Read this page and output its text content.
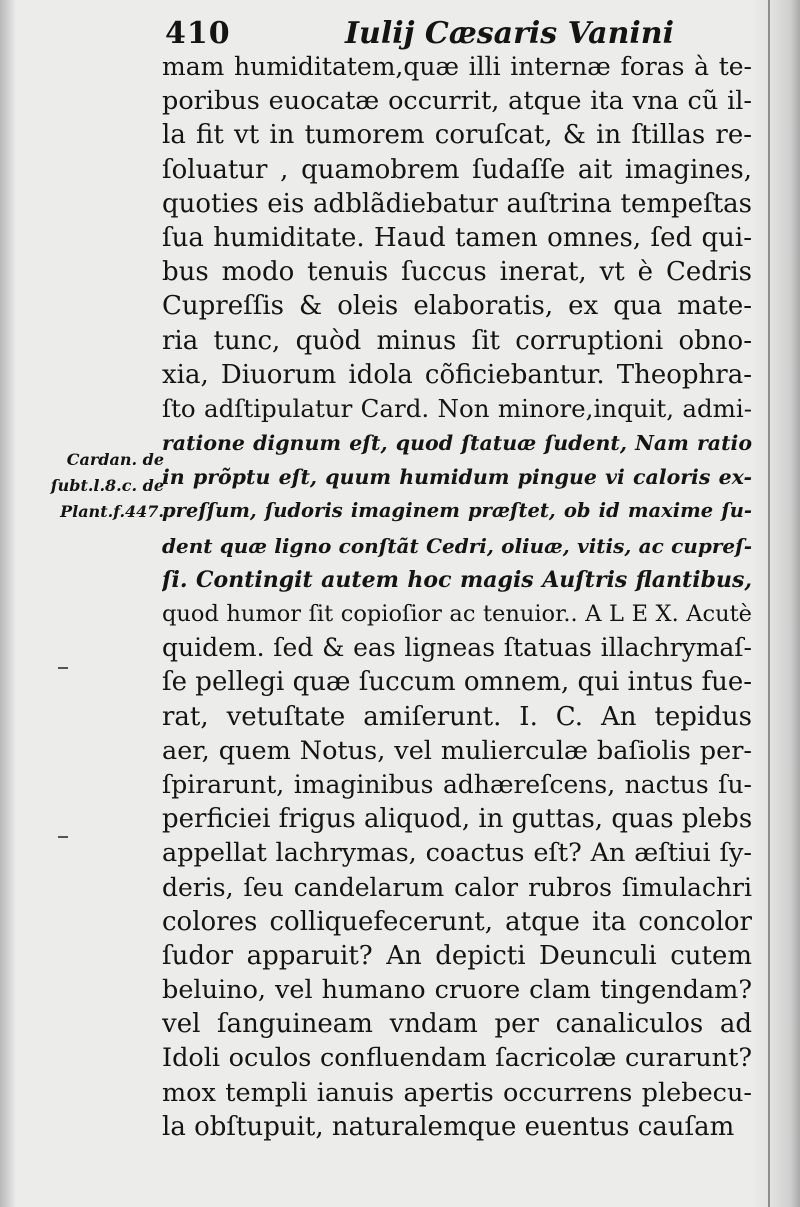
410	Iulij Cæsaris Vanini
Cardan. de
ſubt.l.8.c. de
Plant.f.447.
mam humiditatem,quæ illi internæ foras à te-
poribus euocatæ occurrit, atque ita vna cũ il-
la fit vt in tumorem coruſcat, & in ſtillas re-
ſoluatur , quamobrem ſudaſſe ait imagines,
quoties eis adblãdiebatur auſtrina tempeſtas
ſua humiditate. Haud tamen omnes, ſed qui-
bus modo tenuis ſuccus inerat, vt è Cedris
Cupreſſis & oleis elaboratis, ex qua mate-
ria tunc, quòd minus ſit corruptioni obno-
xia, Diuorum idola cõficiebantur. Theophra-
ſto adſtipulatur Card. Non minore,inquit, admi-
ratione dignum eſt, quod ſtatuæ ſudent, Nam ratio
in prõptu eſt, quum humidum pingue vi caloris ex-
preſſum, ſudoris imaginem præſtet, ob id maxime ſu-
dent quæ ligno conſtãt Cedri, oliuæ, vitis, ac cupreſ-
ſi. Contingit autem hoc magis Auſtris flantibus,
quod humor ſit copioſior ac tenuior.. A L E X. Acutè
quidem. ſed & eas ligneas ſtatuas illachrymaſ-
ſe pellegi quæ ſuccum omnem, qui intus fue-
rat, vetuſtate amiſerunt. I. C. An tepidus
aer, quem Notus, vel mulierculæ baſiolis per-
ſpirarunt, imaginibus adhæreſcens, nactus ſu-
perficiei frigus aliquod, in guttas, quas plebs
appellat lachrymas, coactus eſt? An æſtiui ſy-
deris, ſeu candelarum calor rubros ſimulachri
colores colliquefecerunt, atque ita concolor
ſudor apparuit? An depicti Deunculi cutem
beluino, vel humano cruore clam tingendam?
vel ſanguineam vndam per canaliculos ad
Idoli oculos confluendam ſacricolæ curarunt?
mox templi ianuis apertis occurrens plebecu-
la obſtupuit, naturalemque euentus cauſam
